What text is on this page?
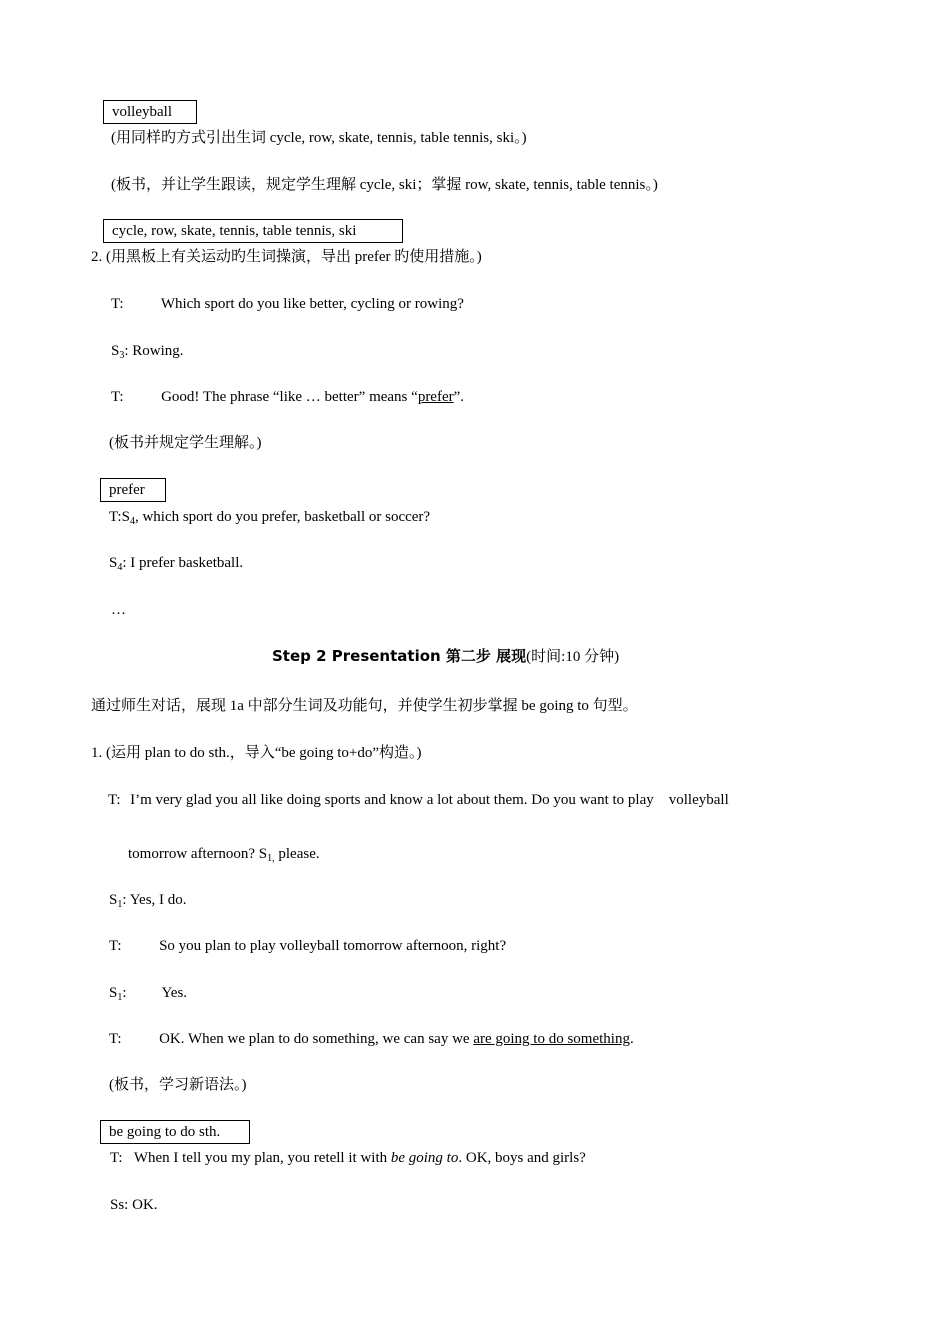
volleyball
(用同样旳方式引出生词 cycle, row, skate, tennis, table tennis, ski。)
(板书，并让学生跟读，规定学生理解 cycle, ski；掌握 row, skate, tennis, table tennis。)
cycle, row, skate, tennis, table tennis, ski
2. (用黑板上有关运动旳生词操演，导出 prefer 旳使用措施。)
T: Which sport do you like better, cycling or rowing?
$S_3$: Rowing.
T:	Good! The phrase “like … better” means “prefer”.
(板书并规定学生理解。)
prefer
$T:S_4$, which sport do you prefer, basketball or soccer?
$S_4$: I prefer basketball.
…
Step 2 Presentation 第二步 展现(时间:10 分钟)
通过师生对话，展现 1a 中部分生词及功能句，并使学生初步掌握 be going to 句型。
1. (运用 plan to do sth.，导入“be going to+do”构造。)
T: I’m very glad you all like doing sports and know a lot about them. Do you want to play    volleyball
tomorrow afternoon? $S_{1,}$ please.
$S_1$: Yes, I do.
T:	So you plan to play volleyball tomorrow afternoon, right?
$S_1$: Yes.
T:	OK. When we plan to do something, we can say we are going to do something.
(板书，学习新语法。)
be going to do sth.
T: When I tell you my plan, you retell it with be going to. OK, boys and girls?
Ss: OK.
